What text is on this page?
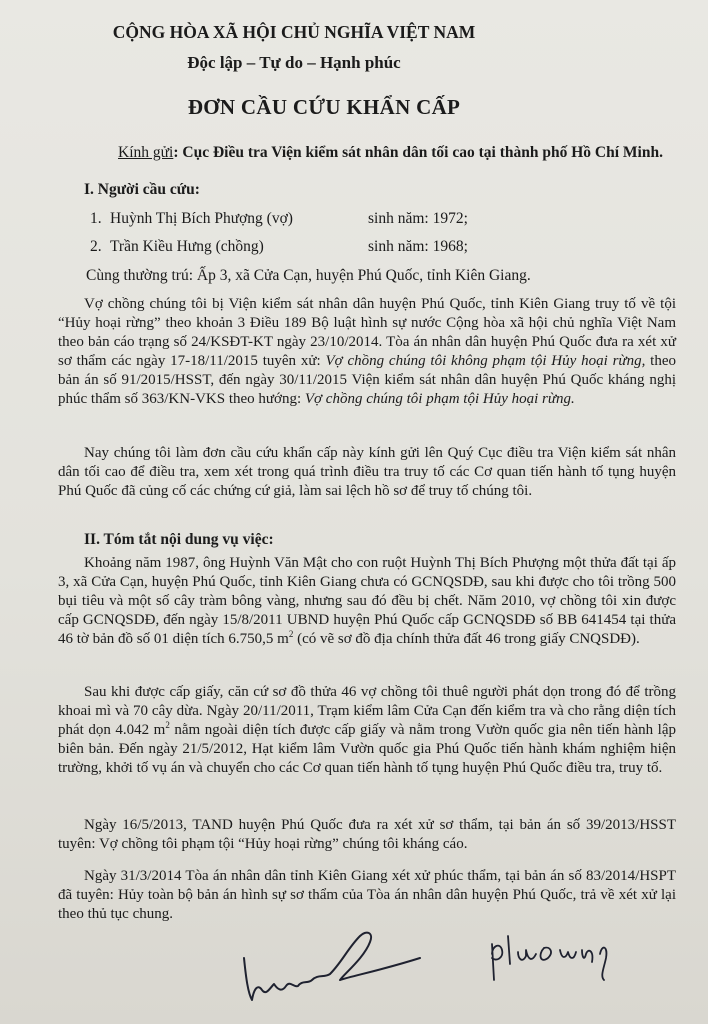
CỘNG HÒA XÃ HỘI CHỦ NGHĨA VIỆT NAM
Độc lập – Tự do – Hạnh phúc
ĐƠN CẦU CỨU KHẨN CẤP
Kính gửi: Cục Điều tra Viện kiểm sát nhân dân tối cao tại thành phố Hồ Chí Minh.
I. Người cầu cứu:
1. Huỳnh Thị Bích Phượng (vợ)	sinh năm: 1972;
2. Trần Kiều Hưng (chồng)	sinh năm: 1968;
Cùng thường trú: Ấp 3, xã Cửa Cạn, huyện Phú Quốc, tỉnh Kiên Giang.

Vợ chồng chúng tôi bị Viện kiểm sát nhân dân huyện Phú Quốc, tỉnh Kiên Giang truy tố về tội “Hủy hoại rừng” theo khoản 3 Điều 189 Bộ luật hình sự nước Cộng hòa xã hội chủ nghĩa Việt Nam theo bản cáo trạng số 24/KSĐT-KT ngày 23/10/2014. Tòa án nhân dân huyện Phú Quốc đưa ra xét xử sơ thẩm các ngày 17-18/11/2015 tuyên xử: Vợ chồng chúng tôi không phạm tội Hủy hoại rừng, theo bản án số 91/2015/HSST, đến ngày 30/11/2015 Viện kiểm sát nhân dân huyện Phú Quốc kháng nghị phúc thẩm số 363/KN-VKS theo hướng: Vợ chồng chúng tôi phạm tội Hủy hoại rừng.

Nay chúng tôi làm đơn cầu cứu khẩn cấp này kính gửi lên Quý Cục điều tra Viện kiểm sát nhân dân tối cao để điều tra, xem xét trong quá trình điều tra truy tố các Cơ quan tiến hành tố tụng huyện Phú Quốc đã củng cố các chứng cứ giả, làm sai lệch hồ sơ để truy tố chúng tôi.

II. Tóm tắt nội dung vụ việc:

Khoảng năm 1987, ông Huỳnh Văn Mật cho con ruột Huỳnh Thị Bích Phượng một thửa đất tại ấp 3, xã Cửa Cạn, huyện Phú Quốc, tỉnh Kiên Giang chưa có GCNQSDĐ, sau khi được cho tôi trồng 500 bụi tiêu và một số cây tràm bông vàng, nhưng sau đó đều bị chết. Năm 2010, vợ chồng tôi xin được cấp GCNQSDĐ, đến ngày 15/8/2011 UBND huyện Phú Quốc cấp GCNQSDĐ số BB 641454 tại thửa 46 tờ bản đồ số 01 diện tích 6.750,5 $m^2$ (có vẽ sơ đồ địa chính thửa đất 46 trong giấy CNQSDĐ).

Sau khi được cấp giấy, căn cứ sơ đồ thửa 46 vợ chồng tôi thuê người phát dọn trong đó để trồng khoai mì và 70 cây dừa. Ngày 20/11/2011, Trạm kiểm lâm Cửa Cạn đến kiểm tra và cho rằng diện tích phát dọn 4.042 $m^2$ nằm ngoài diện tích được cấp giấy và nằm trong Vườn quốc gia nên tiến hành lập biên bản. Đến ngày 21/5/2012, Hạt kiểm lâm Vườn quốc gia Phú Quốc tiến hành khám nghiệm hiện trường, khởi tố vụ án và chuyển cho các Cơ quan tiến hành tố tụng huyện Phú Quốc điều tra, truy tố.

Ngày 16/5/2013, TAND huyện Phú Quốc đưa ra xét xử sơ thẩm, tại bản án số 39/2013/HSST tuyên: Vợ chồng tôi phạm tội “Hủy hoại rừng” chúng tôi kháng cáo.

Ngày 31/3/2014 Tòa án nhân dân tỉnh Kiên Giang xét xử phúc thẩm, tại bản án số 83/2014/HSPT đã tuyên: Hủy toàn bộ bản án hình sự sơ thẩm của Tòa án nhân dân huyện Phú Quốc, trả về xét xử lại theo thủ tục chung.
